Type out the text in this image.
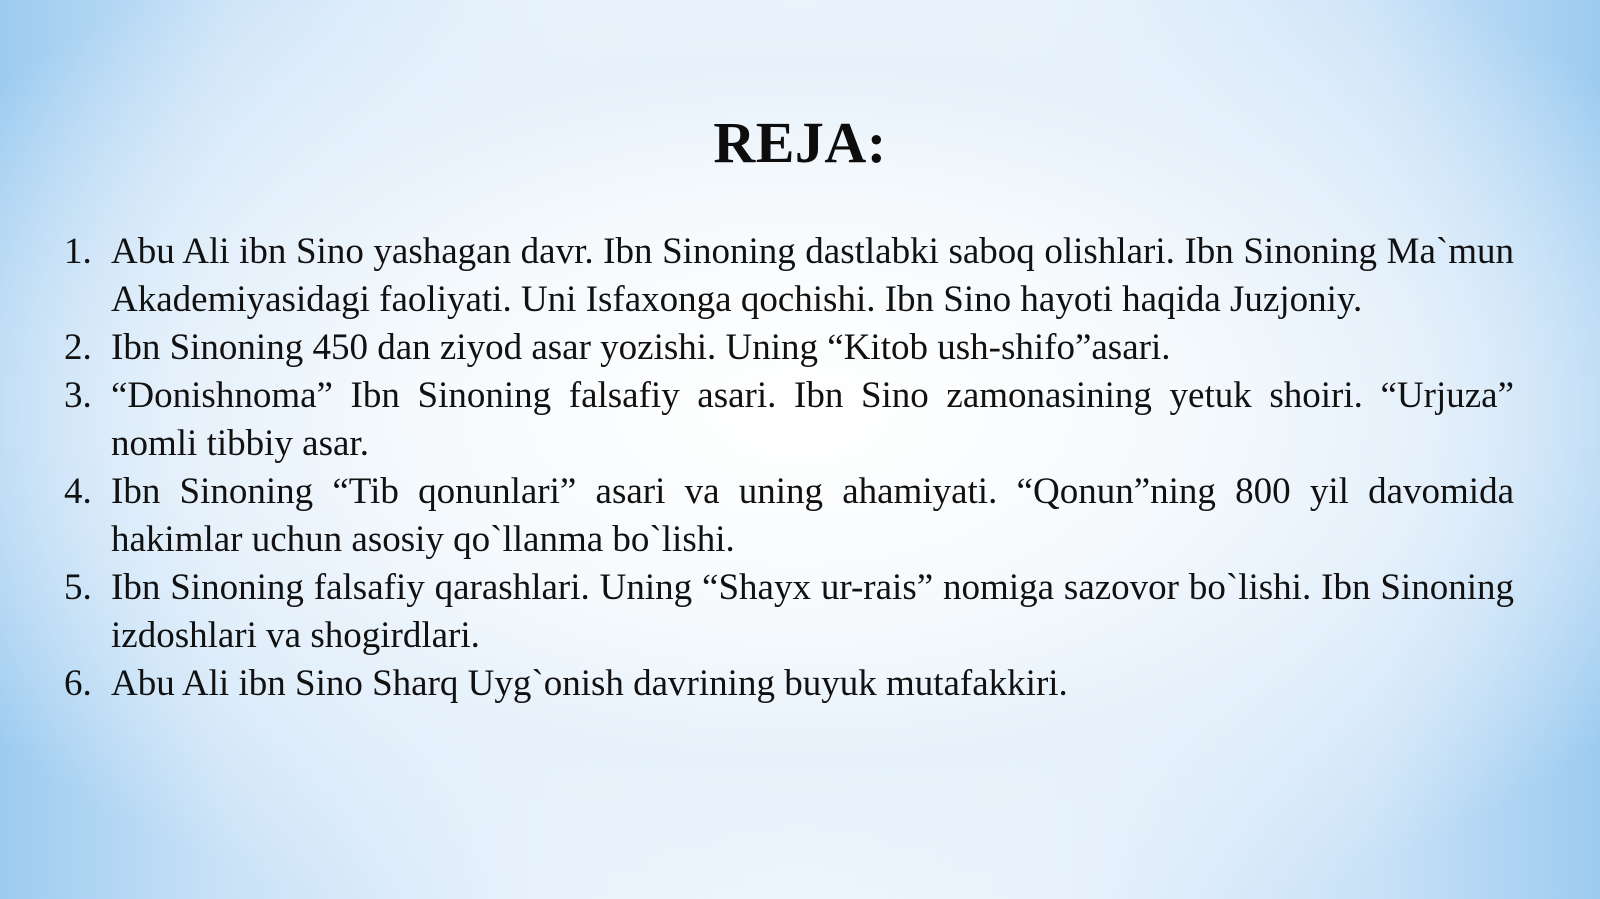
REJA:
1. Abu Ali ibn Sino yashagan davr. Ibn Sinoning dastlabki saboq olishlari. Ibn Sinoning Ma`mun Akademiyasidagi faoliyati. Uni Isfaxonga qochishi. Ibn Sino hayoti haqida Juzjoniy.
2. Ibn Sinoning 450 dan ziyod asar yozishi. Uning “Kitob ush-shifo”asari.
3. “Donishnoma” Ibn Sinoning falsafiy asari. Ibn Sino zamonasining yetuk shoiri. “Urjuza” nomli tibbiy asar.
4. Ibn Sinoning “Tib qonunlari” asari va uning ahamiyati. “Qonun”ning 800 yil davomida hakimlar uchun asosiy qo`llanma bo`lishi.
5. Ibn Sinoning falsafiy qarashlari. Uning “Shayx ur-rais” nomiga sazovor bo`lishi. Ibn Sinoning izdoshlari va shogirdlari.
6. Abu Ali ibn Sino Sharq Uyg`onish davrining buyuk mutafakkiri.
